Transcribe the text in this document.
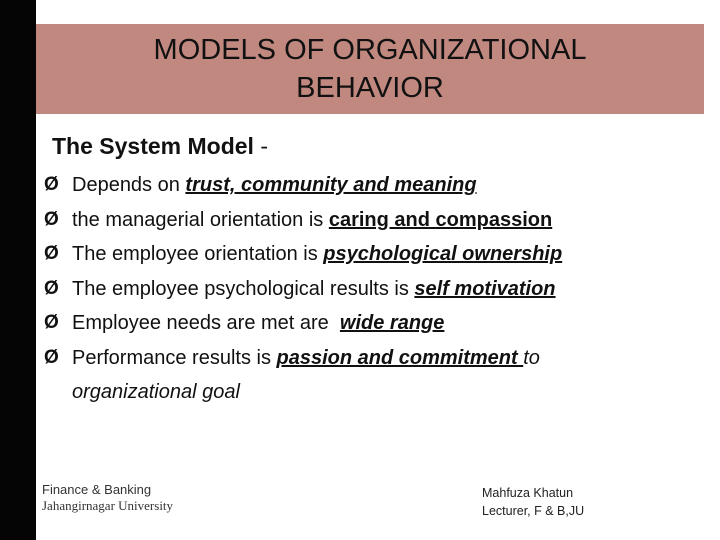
MODELS OF ORGANIZATIONAL
BEHAVIOR
The System Model -
Ø Depends on trust, community and meaning
Ø the managerial orientation is caring and compassion
Ø The employee orientation is psychological ownership
Ø The employee psychological results is self motivation
Ø Employee needs are met are  wide range
Ø Performance results is passion and commitment to
organizational goal
Finance & Banking
Jahangirnagar University
Mahfuza Khatun
Lecturer, F & B,JU
